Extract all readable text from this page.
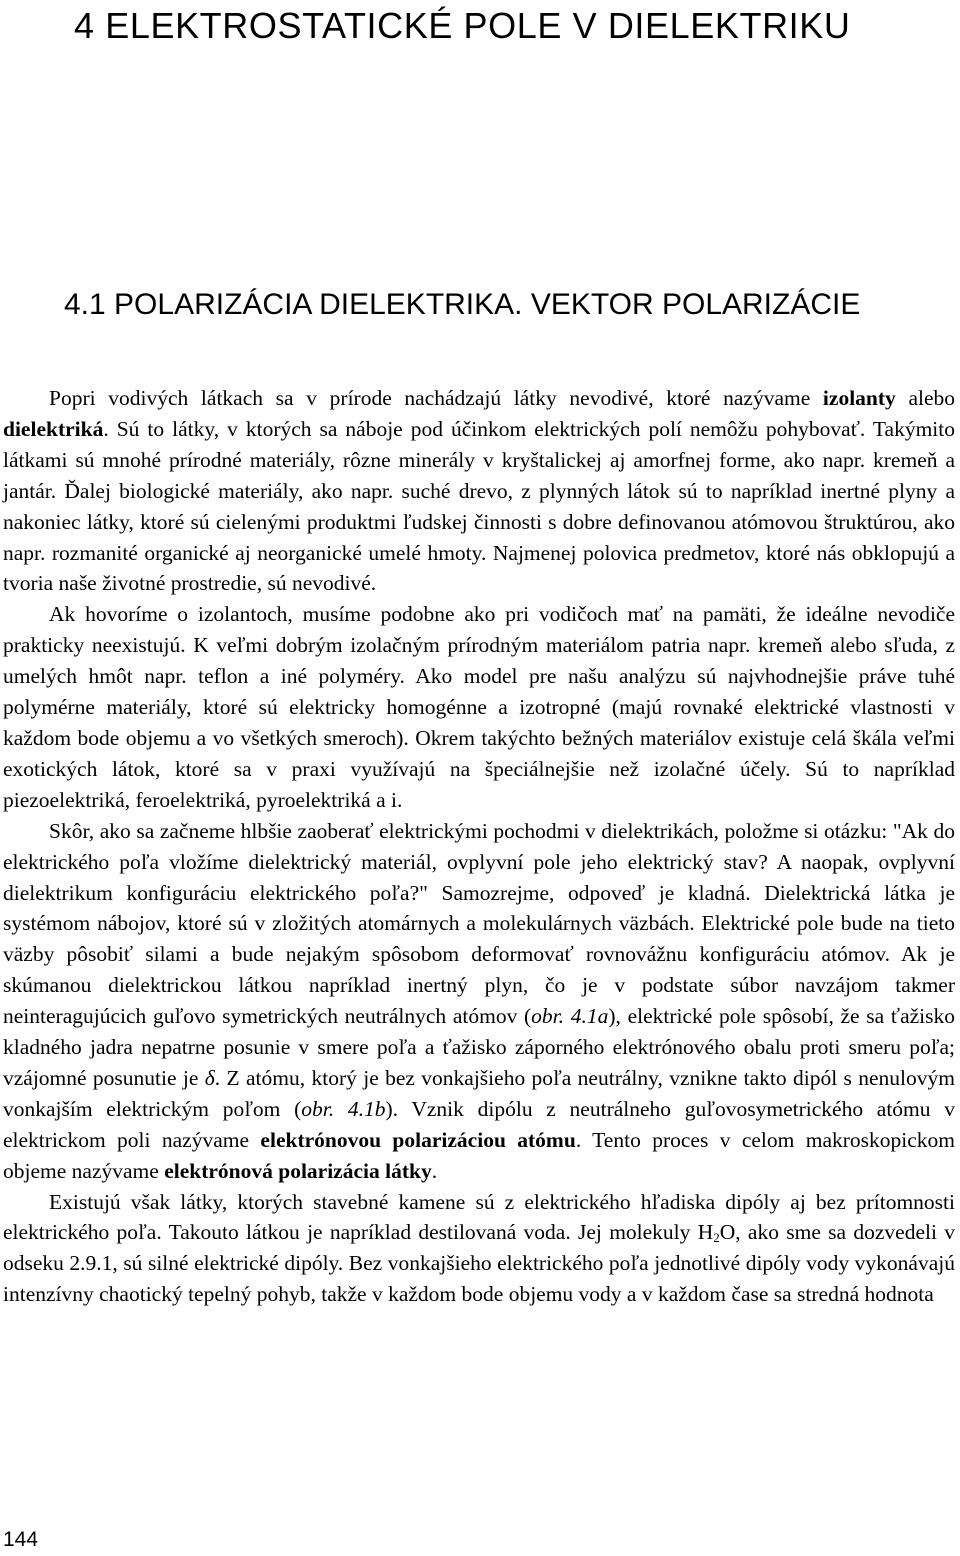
4 ELEKTROSTATICKÉ POLE V DIELEKTRIKU
4.1 POLARIZÁCIA DIELEKTRIKA. VEKTOR POLARIZÁCIE

Popri vodivých látkach sa v prírode nachádzajú látky nevodivé, ktoré nazývame izolanty alebo dielektriká. Sú to látky, v ktorých sa náboje pod účinkom elektrických polí nemôžu pohybovať. Takýmito látkami sú mnohé prírodné materiály, rôzne minerály v kryštalickej aj amorfnej forme, ako napr. kremeň a jantár. Ďalej biologické materiály, ako napr. suché drevo, z plynných látok sú to napríklad inertné plyny a nakoniec látky, ktoré sú cielenými produktmi ľudskej činnosti s dobre definovanou atómovou štruktúrou, ako napr. rozmanité organické aj neorganické umelé hmoty. Najmenej polovica predmetov, ktoré nás obklopujú a tvoria naše životné prostredie, sú nevodivé.

Ak hovoríme o izolantoch, musíme podobne ako pri vodičoch mať na pamäti, že ideálne nevodiče prakticky neexistujú. K veľmi dobrým izolačným prírodným materiálom patria napr. kremeň alebo sľuda, z umelých hmôt napr. teflon a iné polyméry. Ako model pre našu analýzu sú najvhodnejšie práve tuhé polymérne materiály, ktoré sú elektricky homogénne a izotropné (majú rovnaké elektrické vlastnosti v každom bode objemu a vo všetkých smeroch). Okrem takýchto bežných materiálov existuje celá škála veľmi exotických látok, ktoré sa v praxi využívajú na špeciálnejšie než izolačné účely. Sú to napríklad piezoelektriká, feroelektriká, pyroelektriká a i.

Skôr, ako sa začneme hlbšie zaoberať elektrickými pochodmi v dielektrikách, položme si otázku: "Ak do elektrického poľa vložíme dielektrický materiál, ovplyvní pole jeho elektrický stav? A naopak, ovplyvní dielektrikum konfiguráciu elektrického poľa?" Samozrejme, odpoveď je kladná. Dielektrická látka je systémom nábojov, ktoré sú v zložitých atomárnych a molekulárnych väzbách. Elektrické pole bude na tieto väzby pôsobiť silami a bude nejakým spôsobom deformovať rovnovážnu konfiguráciu atómov. Ak je skúmanou dielektrickou látkou napríklad inertný plyn, čo je v podstate súbor navzájom takmer neinteragujúcich guľovo symetrických neutrálnych atómov (obr. 4.1a), elektrické pole spôsobí, že sa ťažisko kladného jadra nepatrne posunie v smere poľa a ťažisko záporného elektrónového obalu proti smeru poľa; vzájomné posunutie je δ. Z atómu, ktorý je bez vonkajšieho poľa neutrálny, vznikne takto dipól s nenulovým vonkajším elektrickým poľom (obr. 4.1b). Vznik dipólu z neutrálneho guľovosymetrického atómu v elektrickom poli nazývame elektrónovou polarizáciou atómu. Tento proces v celom makroskopickom objeme nazývame elektrónová polarizácia látky.

Existujú však látky, ktorých stavebné kamene sú z elektrického hľadiska dipóly aj bez prítomnosti elektrického poľa. Takouto látkou je napríklad destilovaná voda. Jej molekuly $H_2O$, ako sme sa dozvedeli v odseku 2.9.1, sú silné elektrické dipóly. Bez vonkajšieho elektrického poľa jednotlivé dipóly vody vykonávajú intenzívny chaotický tepelný pohyb, takže v každom bode objemu vody a v každom čase sa stredná hodnota

144
